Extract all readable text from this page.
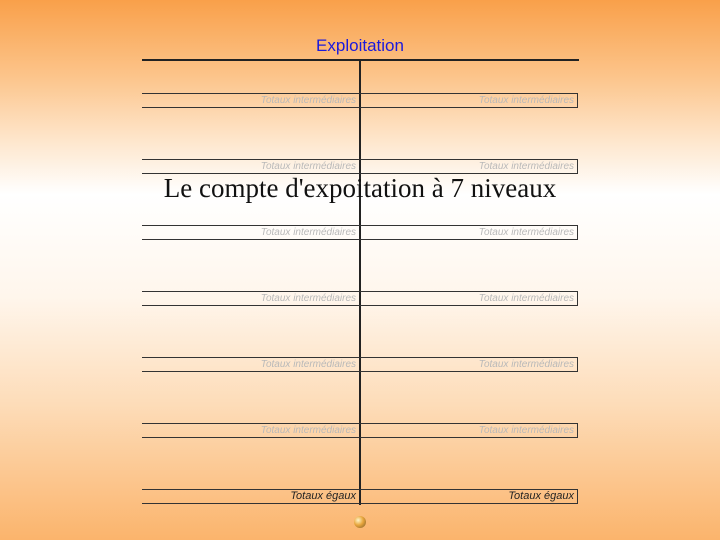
Exploitation
Totaux intermédiaires	Totaux intermédiaires
Totaux intermédiaires	Totaux intermédiaires
Totaux intermédiaires	Totaux intermédiaires
Totaux intermédiaires	Totaux intermédiaires
Totaux intermédiaires	Totaux intermédiaires
Totaux intermédiaires	Totaux intermédiaires
Totaux égaux	Totaux égaux
Le compte d'expoitation à 7 niveaux
